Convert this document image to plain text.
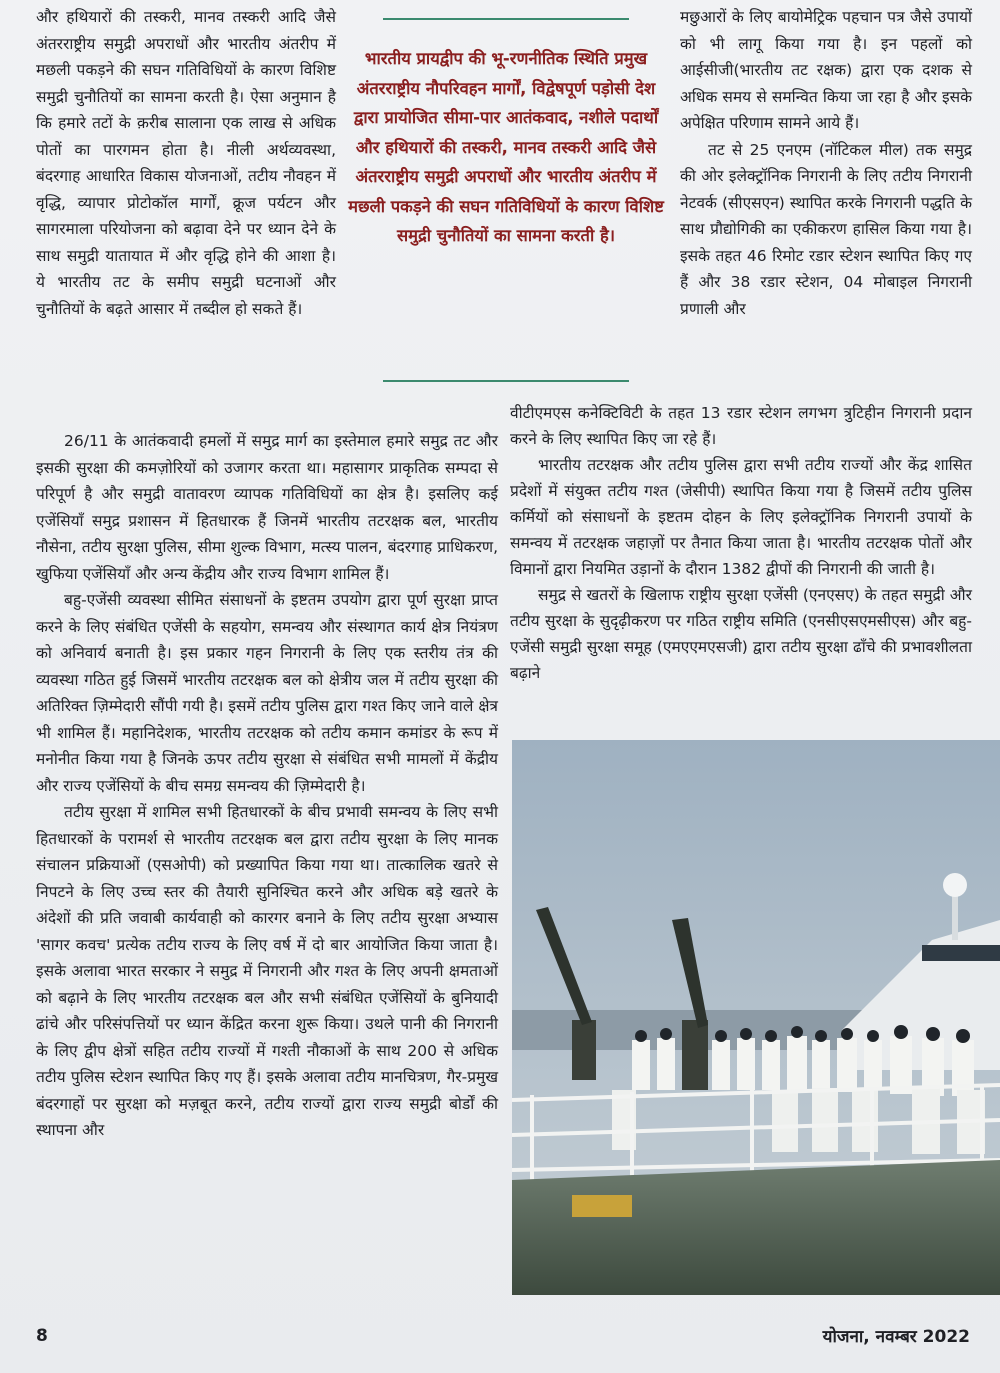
और हथियारों की तस्करी, मानव तस्करी आदि जैसे अंतरराष्ट्रीय समुद्री अपराधों और भारतीय अंतरीप में मछली पकड़ने की सघन गतिविधियों के कारण विशिष्ट समुद्री चुनौतियों का सामना करती है। ऐसा अनुमान है कि हमारे तटों के क़रीब सालाना एक लाख से अधिक पोतों का पारगमन होता है। नीली अर्थव्यवस्था, बंदरगाह आधारित विकास योजनाओं, तटीय नौवहन में वृद्धि, व्यापार प्रोटोकॉल मार्गों, क्रूज पर्यटन और सागरमाला परियोजना को बढ़ावा देने पर ध्यान देने के साथ समुद्री यातायात में और वृद्धि होने की आशा है। ये भारतीय तट के समीप समुद्री घटनाओं और चुनौतियों के बढ़ते आसार में तब्दील हो सकते हैं।

भारतीय प्रायद्वीप की भू-रणनीतिक स्थिति प्रमुख अंतरराष्ट्रीय नौपरिवहन मार्गों, विद्वेषपूर्ण पड़ोसी देश द्वारा प्रायोजित सीमा-पार आतंकवाद, नशीले पदार्थों और हथियारों की तस्करी, मानव तस्करी आदि जैसे अंतरराष्ट्रीय समुद्री अपराधों और भारतीय अंतरीप में मछली पकड़ने की सघन गतिविधियों के कारण विशिष्ट समुद्री चुनौतियों का सामना करती है।

मछुआरों के लिए बायोमेट्रिक पहचान पत्र जैसे उपायों को भी लागू किया गया है। इन पहलों को आईसीजी(भारतीय तट रक्षक) द्वारा एक दशक से अधिक समय से समन्वित किया जा रहा है और इसके अपेक्षित परिणाम सामने आये हैं।

तट से 25 एनएम (नॉटिकल मील) तक समुद्र की ओर इलेक्ट्रॉनिक निगरानी के लिए तटीय निगरानी नेटवर्क (सीएसएन) स्थापित करके निगरानी पद्धति के साथ प्रौद्योगिकी का एकीकरण हासिल किया गया है। इसके तहत 46 रिमोट रडार स्टेशन स्थापित किए गए हैं और 38 रडार स्टेशन, 04 मोबाइल निगरानी प्रणाली और

26/11 के आतंकवादी हमलों में समुद्र मार्ग का इस्तेमाल हमारे समुद्र तट और इसकी सुरक्षा की कमज़ोरियों को उजागर करता था। महासागर प्राकृतिक सम्पदा से परिपूर्ण है और समुद्री वातावरण व्यापक गतिविधियों का क्षेत्र है। इसलिए कई एजेंसियाँ समुद्र प्रशासन में हितधारक हैं जिनमें भारतीय तटरक्षक बल, भारतीय नौसेना, तटीय सुरक्षा पुलिस, सीमा शुल्क विभाग, मत्स्य पालन, बंदरगाह प्राधिकरण, खुफिया एजेंसियाँ और अन्य केंद्रीय और राज्य विभाग शामिल हैं।

बहु-एजेंसी व्यवस्था सीमित संसाधनों के इष्टतम उपयोग द्वारा पूर्ण सुरक्षा प्राप्त करने के लिए संबंधित एजेंसी के सहयोग, समन्वय और संस्थागत कार्य क्षेत्र नियंत्रण को अनिवार्य बनाती है। इस प्रकार गहन निगरानी के लिए एक स्तरीय तंत्र की व्यवस्था गठित हुई जिसमें भारतीय तटरक्षक बल को क्षेत्रीय जल में तटीय सुरक्षा की अतिरिक्त ज़िम्मेदारी सौंपी गयी है। इसमें तटीय पुलिस द्वारा गश्त किए जाने वाले क्षेत्र भी शामिल हैं। महानिदेशक, भारतीय तटरक्षक को तटीय कमान कमांडर के रूप में मनोनीत किया गया है जिनके ऊपर तटीय सुरक्षा से संबंधित सभी मामलों में केंद्रीय और राज्य एजेंसियों के बीच समग्र समन्वय की ज़िम्मेदारी है।

तटीय सुरक्षा में शामिल सभी हितधारकों के बीच प्रभावी समन्वय के लिए सभी हितधारकों के परामर्श से भारतीय तटरक्षक बल द्वारा तटीय सुरक्षा के लिए मानक संचालन प्रक्रियाओं (एसओपी) को प्रख्यापित किया गया था। तात्कालिक खतरे से निपटने के लिए उच्च स्तर की तैयारी सुनिश्चित करने और अधिक बड़े खतरे के अंदेशों की प्रति जवाबी कार्यवाही को कारगर बनाने के लिए तटीय सुरक्षा अभ्यास 'सागर कवच' प्रत्येक तटीय राज्य के लिए वर्ष में दो बार आयोजित किया जाता है। इसके अलावा भारत सरकार ने समुद्र में निगरानी और गश्त के लिए अपनी क्षमताओं को बढ़ाने के लिए भारतीय तटरक्षक बल और सभी संबंधित एजेंसियों के बुनियादी ढांचे और परिसंपत्तियों पर ध्यान केंद्रित करना शुरू किया। उथले पानी की निगरानी के लिए द्वीप क्षेत्रों सहित तटीय राज्यों में गश्ती नौकाओं के साथ 200 से अधिक तटीय पुलिस स्टेशन स्थापित किए गए हैं। इसके अलावा तटीय मानचित्रण, गैर-प्रमुख बंदरगाहों पर सुरक्षा को मज़बूत करने, तटीय राज्यों द्वारा राज्य समुद्री बोर्डों की स्थापना और

वीटीएमएस कनेक्टिविटी के तहत 13 रडार स्टेशन लगभग त्रुटिहीन निगरानी प्रदान करने के लिए स्थापित किए जा रहे हैं।

भारतीय तटरक्षक और तटीय पुलिस द्वारा सभी तटीय राज्यों और केंद्र शासित प्रदेशों में संयुक्त तटीय गश्त (जेसीपी) स्थापित किया गया है जिसमें तटीय पुलिस कर्मियों को संसाधनों के इष्टतम दोहन के लिए इलेक्ट्रॉनिक निगरानी उपायों के समन्वय में तटरक्षक जहाज़ों पर तैनात किया जाता है। भारतीय तटरक्षक पोतों और विमानों द्वारा नियमित उड़ानों के दौरान 1382 द्वीपों की निगरानी की जाती है।

समुद्र से खतरों के खिलाफ राष्ट्रीय सुरक्षा एजेंसी (एनएसए) के तहत समुद्री और तटीय सुरक्षा के सुदृढ़ीकरण पर गठित राष्ट्रीय समिति (एनसीएसएमसीएस) और बहु-एजेंसी समुद्री सुरक्षा समूह (एमएएमएसजी) द्वारा तटीय सुरक्षा ढाँचे की प्रभावशीलता बढ़ाने

8	योजना, नवम्बर 2022
